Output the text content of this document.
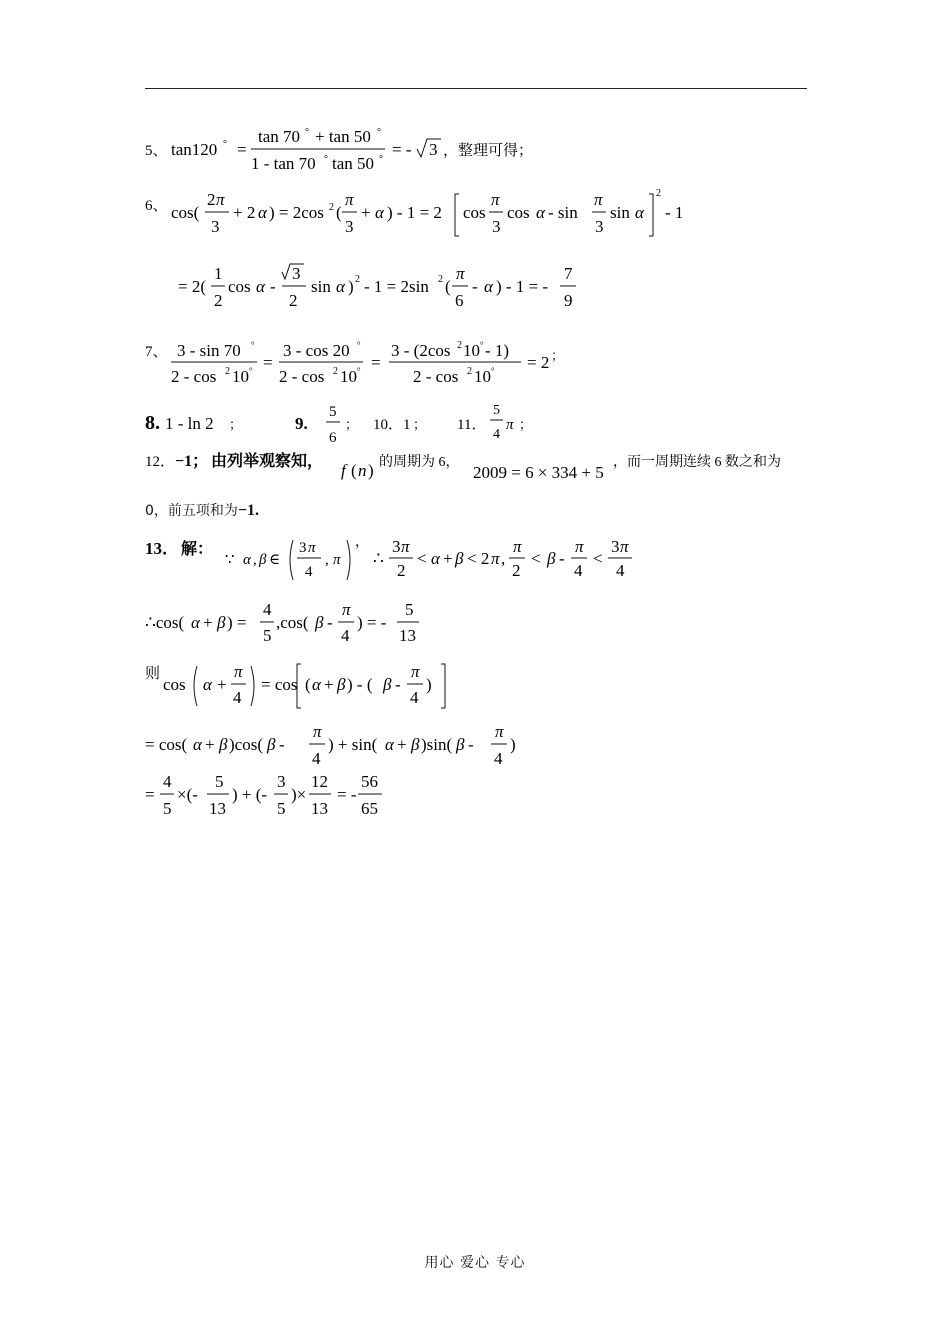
5、 tan120 ° =
tan 70 ° + tan 50 °
1 - tan 70 ° tan 50 °
= - 3 ，整理可得；
6、 cos(
2 π
3
+ 2 α ) = 2cos 2 (
π
3
+ α ) - 1 = 2 cos
π
3
cos α - sin
π
3
sin α
2
- 1
= 2(
1
2
cos α -
3
2
sin α ) 2 - 1 = 2sin 2 (
π
6
- α ) - 1 = -
7
9
7、 3 - sin 70 °
2 - cos 2 10 ° =
3 - cos 20 °
2 - cos 2 10 ° =
3 - (2cos 2 10 ° - 1)
2 - cos 2 10 ° = 2 ；
8. 1 - ln 2 ；	9.
5
6
； 10．1 ； 11．
5
4
π ；
12． −1； 由列举观察知， f ( n ) 的周期为 6，
2009 = 6 × 334 + 5
，而一周期连续 6 数之和为
0，前五项和为−1.
13． 解：
∵ α , β ∈
3 π
4
, π
，
∴
3 π
2
< α + β < 2 π ,
π
2
< β -
π
4
<
3 π
4
∴cos( α + β ) =
4
5
,cos( β -
π
4
) = -
5
13
则
cos α +
π
4
= cos ( α + β ) - ( β -
π
4
)
= cos( α + β )cos( β -
π
4
) + sin( α + β )sin( β -
π
4
)
=
4
5
×(-
5
13
) + (-
3
5
)×
12
13
= -
56
65
用心 爱心 专心
